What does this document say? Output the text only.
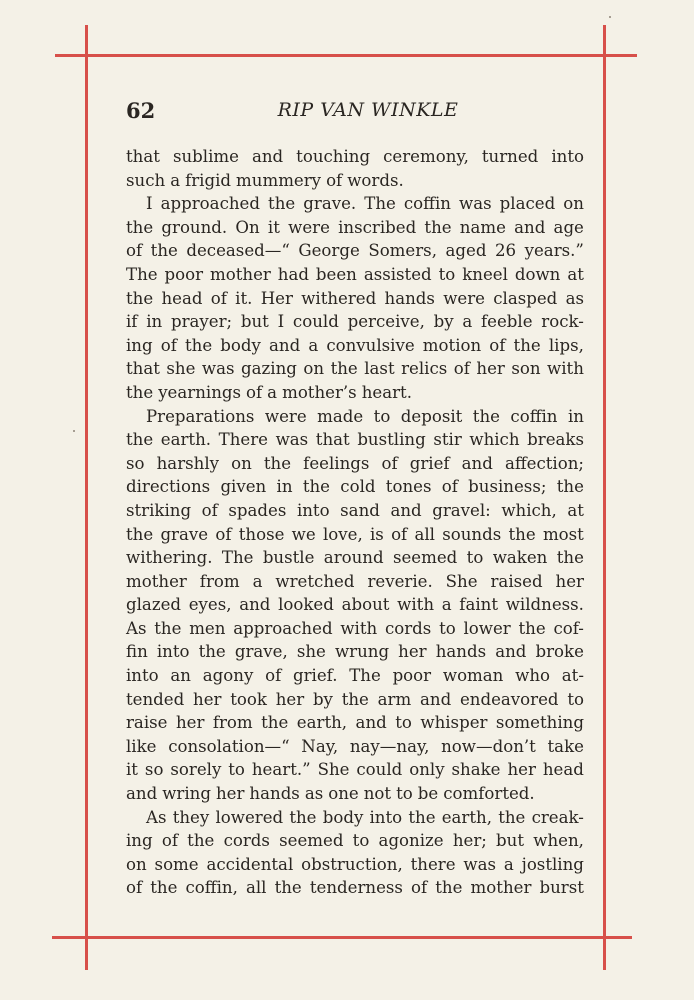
62	RIP VAN WINKLE
that sublime and touching ceremony, turned into
such a frigid mummery of words.
I approached the grave. The coffin was placed on
the ground. On it were inscribed the name and age
of the deceased—“ George Somers, aged 26 years.”
The poor mother had been assisted to kneel down at
the head of it. Her withered hands were clasped as
if in prayer; but I could perceive, by a feeble rock-
ing of the body and a convulsive motion of the lips,
that she was gazing on the last relics of her son with
the yearnings of a mother’s heart.
Preparations were made to deposit the coffin in
the earth. There was that bustling stir which breaks
so harshly on the feelings of grief and affection;
directions given in the cold tones of business; the
striking of spades into sand and gravel: which, at
the grave of those we love, is of all sounds the most
withering. The bustle around seemed to waken the
mother from a wretched reverie. She raised her
glazed eyes, and looked about with a faint wildness.
As the men approached with cords to lower the cof-
fin into the grave, she wrung her hands and broke
into an agony of grief. The poor woman who at-
tended her took her by the arm and endeavored to
raise her from the earth, and to whisper something
like consolation—“ Nay, nay—nay, now—don’t take
it so sorely to heart.” She could only shake her head
and wring her hands as one not to be comforted.
As they lowered the body into the earth, the creak-
ing of the cords seemed to agonize her; but when,
on some accidental obstruction, there was a jostling
of the coffin, all the tenderness of the mother burst
